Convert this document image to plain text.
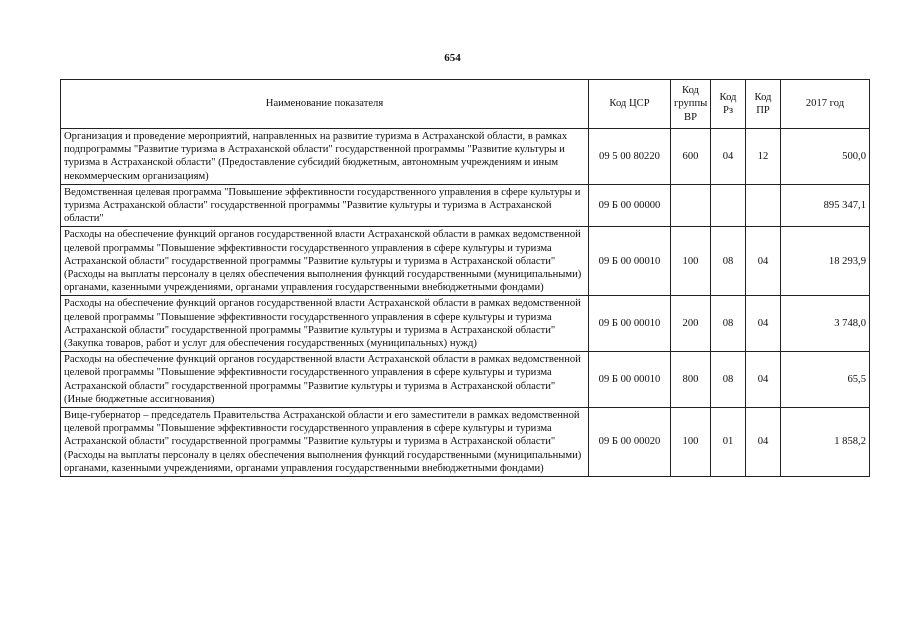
654
Наименование показателя	Код ЦСР	Код группы ВР	Код Рз	Код ПР	2017 год
Организация и проведение мероприятий, направленных на развитие туризма в Астраханской области, в рамках подпрограммы "Развитие туризма в Астраханской области" государственной программы "Развитие культуры и туризма в Астраханской области" (Предоставление субсидий бюджетным, автономным учреждениям и иным некоммерческим организациям)	09 5 00 80220	600	04	12	500,0
Ведомственная целевая программа "Повышение эффективности государственного управления в сфере культуры и туризма Астраханской области" государственной программы "Развитие культуры и туризма в Астраханской области"	09 Б 00 00000				895 347,1
Расходы на обеспечение функций органов государственной власти Астраханской области в рамках ведомственной целевой программы "Повышение эффективности государственного управления в сфере культуры и туризма Астраханской области" государственной программы "Развитие культуры и туризма в Астраханской области" (Расходы на выплаты персоналу в целях обеспечения выполнения функций государственными (муниципальными) органами, казенными учреждениями, органами управления государственными внебюджетными фондами)	09 Б 00 00010	100	08	04	18 293,9
Расходы на обеспечение функций органов государственной власти Астраханской области в рамках ведомственной целевой программы "Повышение эффективности государственного управления в сфере культуры и туризма Астраханской области" государственной программы "Развитие культуры и туризма в Астраханской области" (Закупка товаров, работ и услуг для обеспечения государственных (муниципальных) нужд)	09 Б 00 00010	200	08	04	3 748,0
Расходы на обеспечение функций органов государственной власти Астраханской области в рамках ведомственной целевой программы "Повышение эффективности государственного управления в сфере культуры и туризма Астраханской области" государственной программы "Развитие культуры и туризма в Астраханской области" (Иные бюджетные ассигнования)	09 Б 00 00010	800	08	04	65,5
Вице-губернатор – председатель Правительства Астраханской области и его заместители в рамках ведомственной целевой программы "Повышение эффективности государственного управления в сфере культуры и туризма Астраханской области" государственной программы "Развитие культуры и туризма в Астраханской области" (Расходы на выплаты персоналу в целях обеспечения выполнения функций государственными (муниципальными) органами, казенными учреждениями, органами управления государственными внебюджетными фондами)	09 Б 00 00020	100	01	04	1 858,2
